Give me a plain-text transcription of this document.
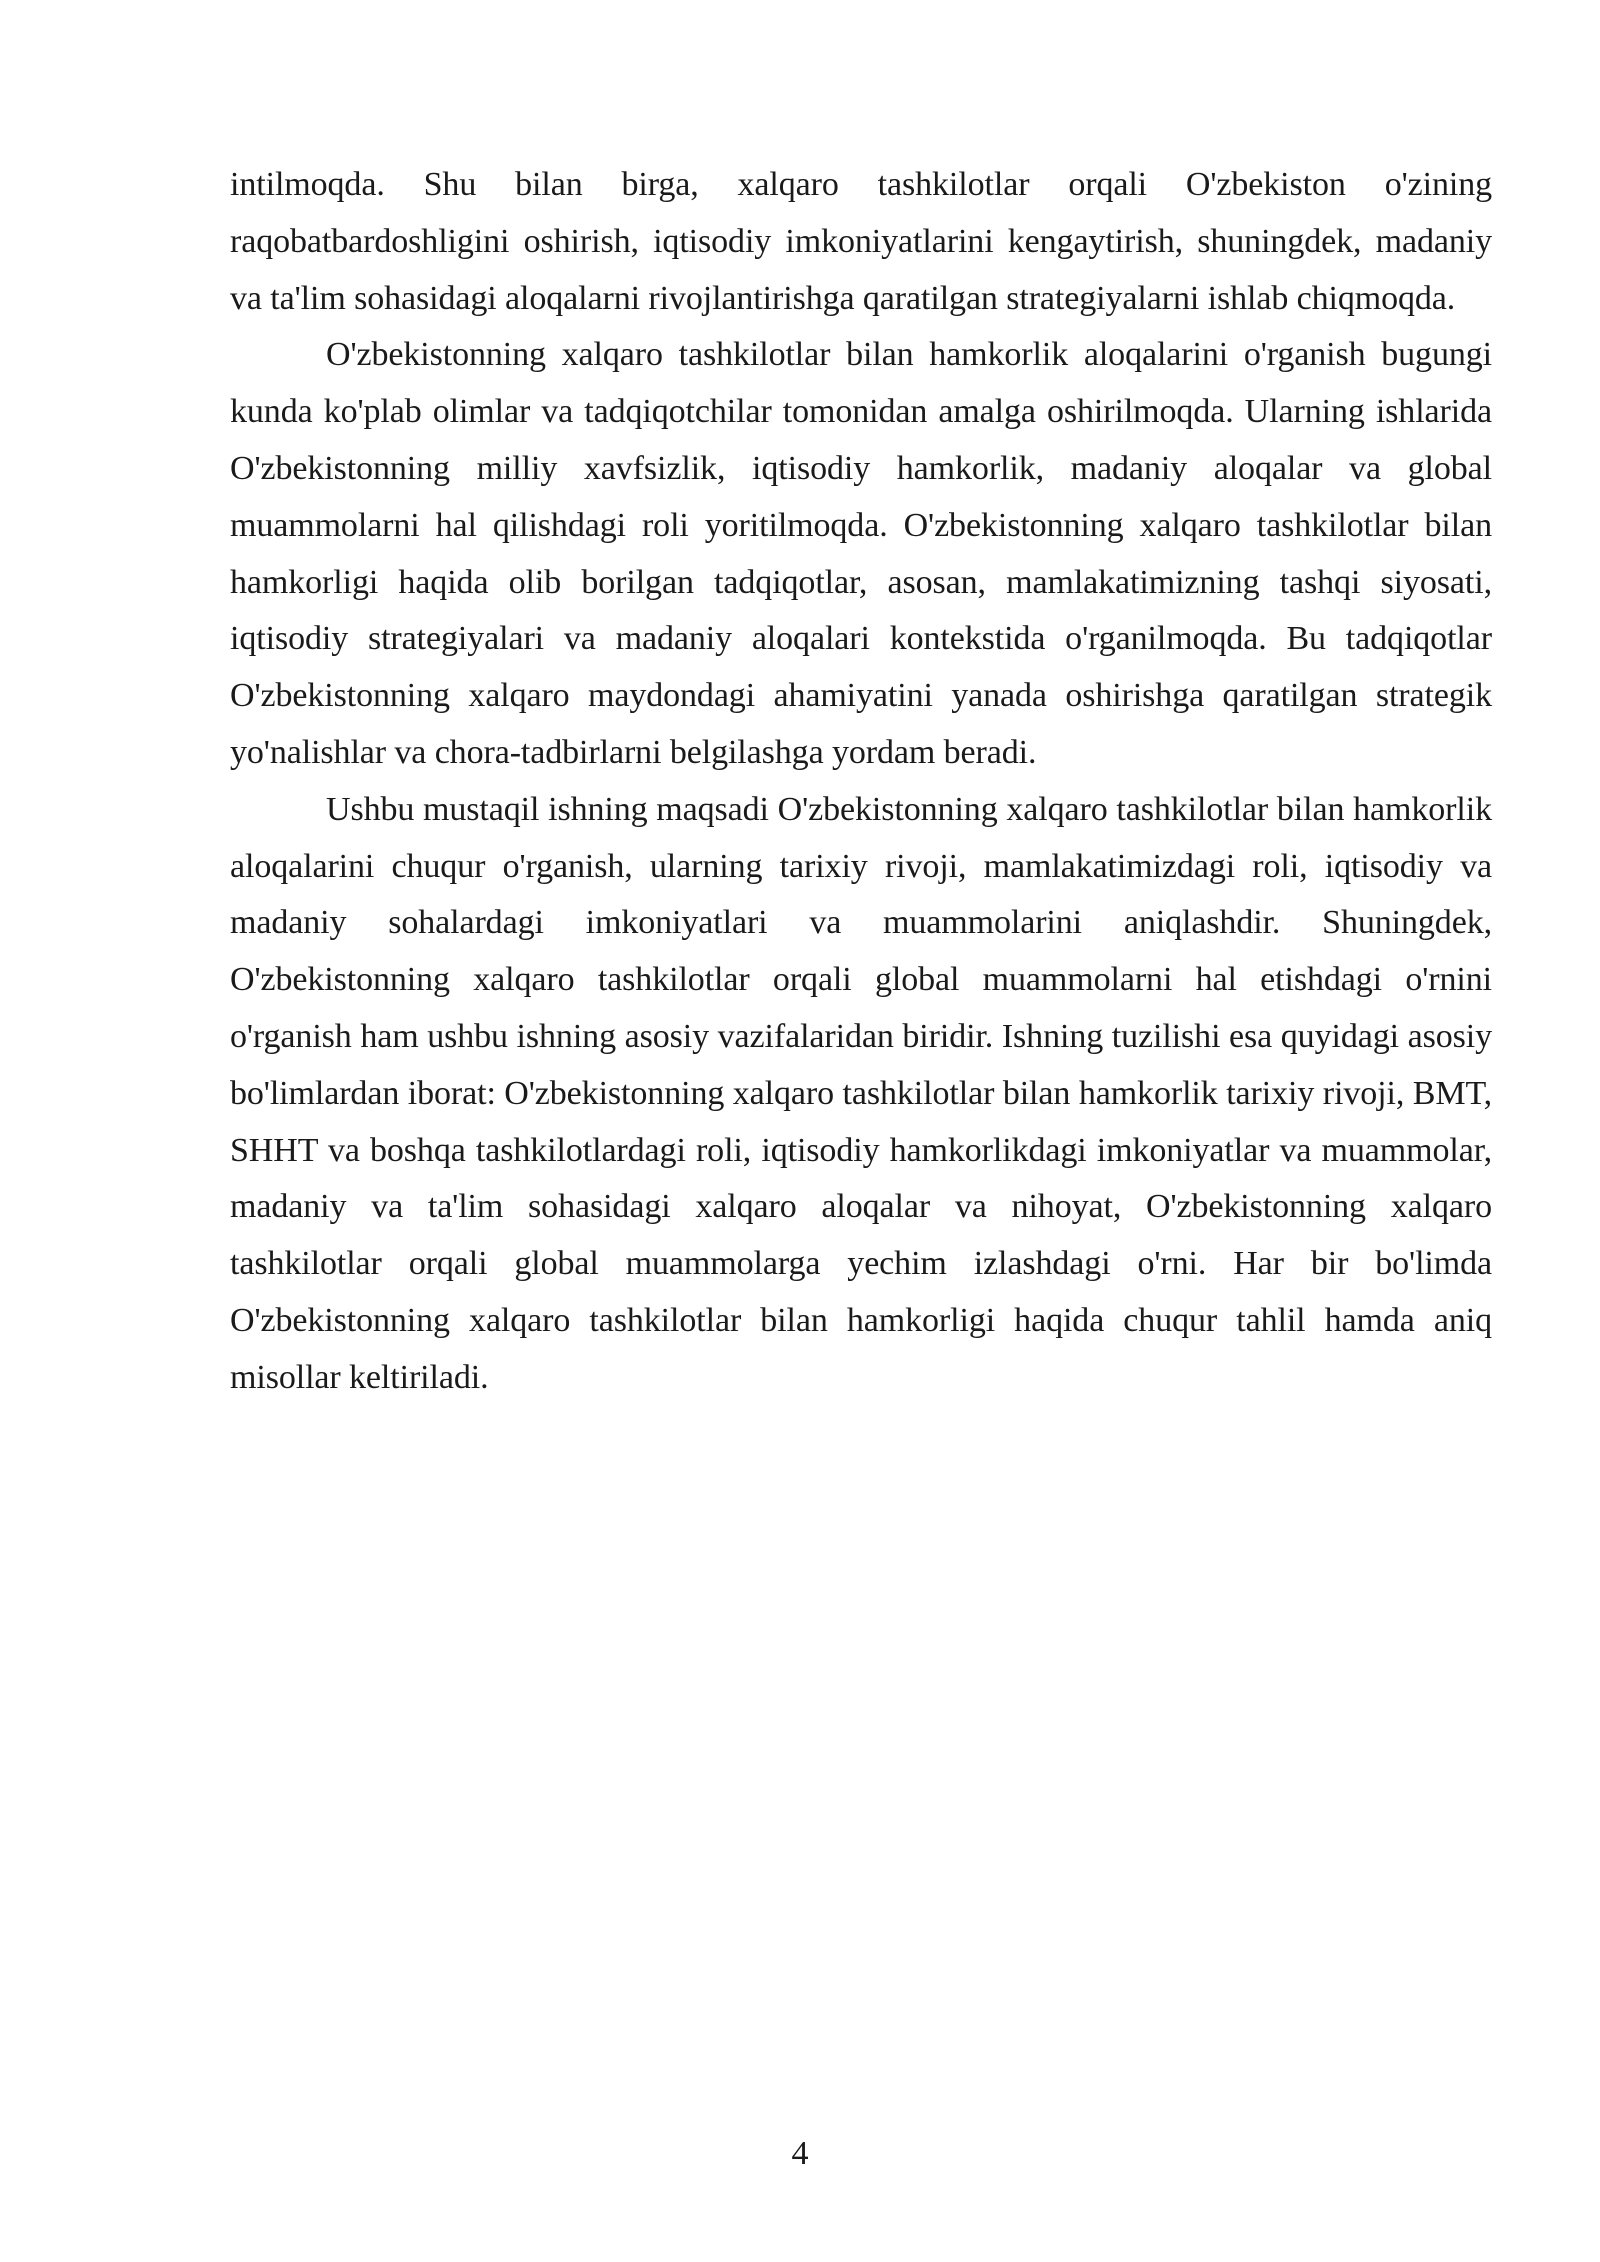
intilmoqda. Shu bilan birga, xalqaro tashkilotlar orqali O'zbekiston o'zining raqobatbardoshligini oshirish, iqtisodiy imkoniyatlarini kengaytirish, shuningdek, madaniy va ta'lim sohasidagi aloqalarni rivojlantirishga qaratilgan strategiyalarni ishlab chiqmoqda.

O'zbekistonning xalqaro tashkilotlar bilan hamkorlik aloqalarini o'rganish bugungi kunda ko'plab olimlar va tadqiqotchilar tomonidan amalga oshirilmoqda. Ularning ishlarida O'zbekistonning milliy xavfsizlik, iqtisodiy hamkorlik, madaniy aloqalar va global muammolarni hal qilishdagi roli yoritilmoqda. O'zbekistonning xalqaro tashkilotlar bilan hamkorligi haqida olib borilgan tadqiqotlar, asosan, mamlakatimizning tashqi siyosati, iqtisodiy strategiyalari va madaniy aloqalari kontekstida o'rganilmoqda. Bu tadqiqotlar O'zbekistonning xalqaro maydondagi ahamiyatini yanada oshirishga qaratilgan strategik yo'nalishlar va chora-tadbirlarni belgilashga yordam beradi.

Ushbu mustaqil ishning maqsadi O'zbekistonning xalqaro tashkilotlar bilan hamkorlik aloqalarini chuqur o'rganish, ularning tarixiy rivoji, mamlakatimizdagi roli, iqtisodiy va madaniy sohalardagi imkoniyatlari va muammolarini aniqlashdir. Shuningdek, O'zbekistonning xalqaro tashkilotlar orqali global muammolarni hal etishdagi o'rnini o'rganish ham ushbu ishning asosiy vazifalaridan biridir. Ishning tuzilishi esa quyidagi asosiy bo'limlardan iborat: O'zbekistonning xalqaro tashkilotlar bilan hamkorlik tarixiy rivoji, BMT, SHHT va boshqa tashkilotlardagi roli, iqtisodiy hamkorlikdagi imkoniyatlar va muammolar, madaniy va ta'lim sohasidagi xalqaro aloqalar va nihoyat, O'zbekistonning xalqaro tashkilotlar orqali global muammolarga yechim izlashdagi o'rni. Har bir bo'limda O'zbekistonning xalqaro tashkilotlar bilan hamkorligi haqida chuqur tahlil hamda aniq misollar keltiriladi.

4
